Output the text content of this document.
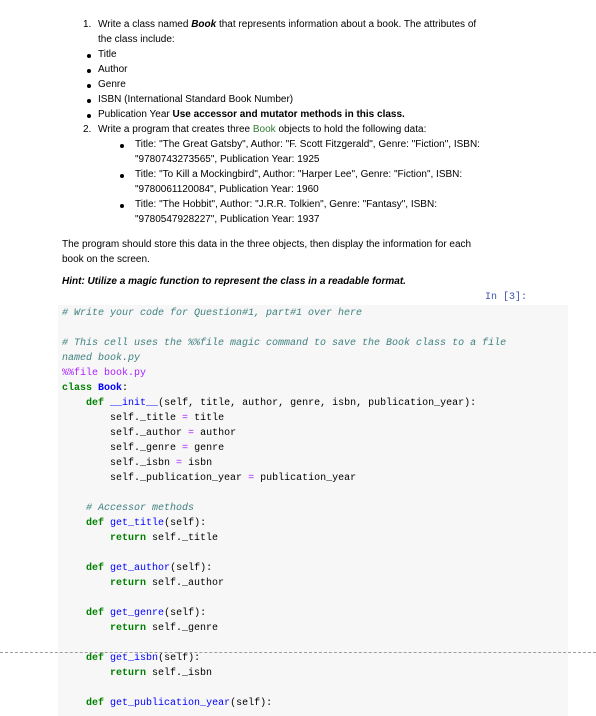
1. Write a class named Book that represents information about a book. The attributes of
the class include:
Title
Author
Genre
ISBN (International Standard Book Number)
Publication Year Use accessor and mutator methods in this class.
2. Write a program that creates three Book objects to hold the following data:
Title: "The Great Gatsby", Author: "F. Scott Fitzgerald", Genre: "Fiction", ISBN:
"9780743273565", Publication Year: 1925
Title: "To Kill a Mockingbird", Author: "Harper Lee", Genre: "Fiction", ISBN:
"9780061120084", Publication Year: 1960
Title: "The Hobbit", Author: "J.R.R. Tolkien", Genre: "Fantasy", ISBN:
"9780547928227", Publication Year: 1937
The program should store this data in the three objects, then display the information for each
book on the screen.
Hint: Utilize a magic function to represent the class in a readable format.
In [3]:
# Write your code for Question#1, part#1 over here

# This cell uses the %%file magic command to save the Book class to a file
named book.py
%%file book.py
class Book:
def __init__(self, title, author, genre, isbn, publication_year):
self._title = title
self._author = author
self._genre = genre
self._isbn = isbn
self._publication_year = publication_year

# Accessor methods
def get_title(self):
return self._title

def get_author(self):
return self._author

def get_genre(self):
return self._genre

def get_isbn(self):
return self._isbn

def get_publication_year(self):
